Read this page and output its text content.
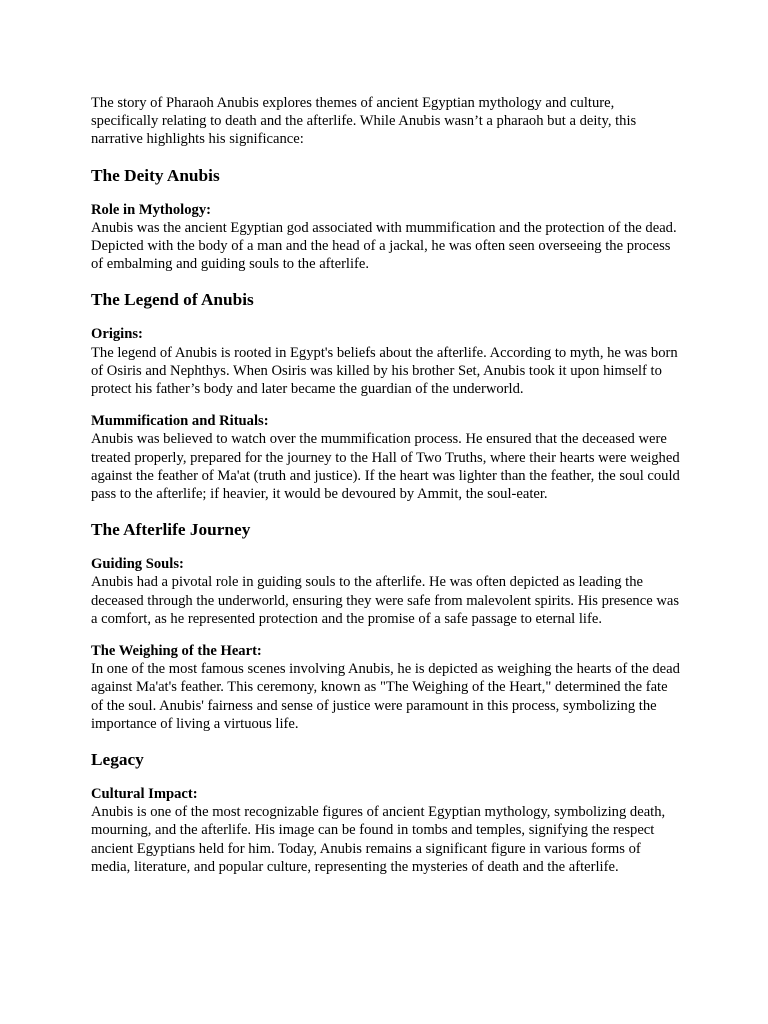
The story of Pharaoh Anubis explores themes of ancient Egyptian mythology and culture, specifically relating to death and the afterlife. While Anubis wasn’t a pharaoh but a deity, this narrative highlights his significance:

The Deity Anubis

Role in Mythology:

Anubis was the ancient Egyptian god associated with mummification and the protection of the dead. Depicted with the body of a man and the head of a jackal, he was often seen overseeing the process of embalming and guiding souls to the afterlife.

The Legend of Anubis

Origins:

The legend of Anubis is rooted in Egypt's beliefs about the afterlife. According to myth, he was born of Osiris and Nephthys. When Osiris was killed by his brother Set, Anubis took it upon himself to protect his father’s body and later became the guardian of the underworld.

Mummification and Rituals:

Anubis was believed to watch over the mummification process. He ensured that the deceased were treated properly, prepared for the journey to the Hall of Two Truths, where their hearts were weighed against the feather of Ma'at (truth and justice). If the heart was lighter than the feather, the soul could pass to the afterlife; if heavier, it would be devoured by Ammit, the soul-eater.

The Afterlife Journey

Guiding Souls:

Anubis had a pivotal role in guiding souls to the afterlife. He was often depicted as leading the deceased through the underworld, ensuring they were safe from malevolent spirits. His presence was a comfort, as he represented protection and the promise of a safe passage to eternal life.

The Weighing of the Heart:

In one of the most famous scenes involving Anubis, he is depicted as weighing the hearts of the dead against Ma'at's feather. This ceremony, known as "The Weighing of the Heart," determined the fate of the soul. Anubis' fairness and sense of justice were paramount in this process, symbolizing the importance of living a virtuous life.

Legacy

Cultural Impact:

Anubis is one of the most recognizable figures of ancient Egyptian mythology, symbolizing death, mourning, and the afterlife. His image can be found in tombs and temples, signifying the respect ancient Egyptians held for him. Today, Anubis remains a significant figure in various forms of media, literature, and popular culture, representing the mysteries of death and the afterlife.
